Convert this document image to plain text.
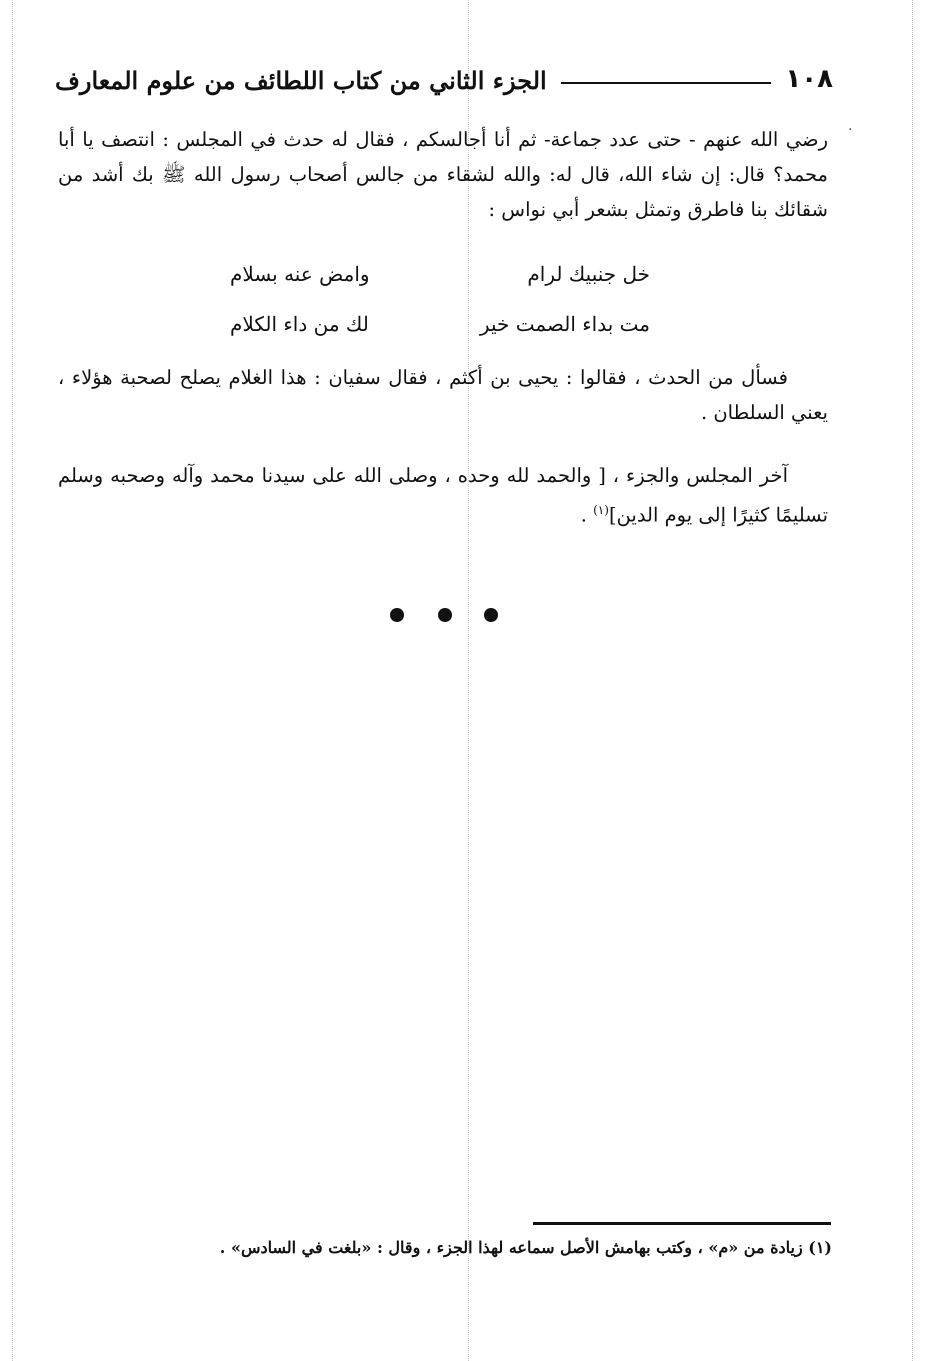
١٠٨
الجزء الثاني من كتاب اللطائف من علوم المعارف
·

رضي الله عنهم - حتى عدد جماعة- ثم أنا أجالسكم ، فقال له حدث في المجلس : انتصف يا أبا محمد؟ قال: إن شاء الله، قال له: والله لشقاء من جالس أصحاب رسول الله ﷺ بك أشد من شقائك بنا فاطرق وتمثل بشعر أبي نواس :

خل جنبيك لرام
وامض عنه بسلام
مت بداء الصمت خير
لك من داء الكلام

فسأل من الحدث ، فقالوا : يحيى بن أكثم ، فقال سفيان : هذا الغلام يصلح لصحبة هؤلاء ، يعني السلطان .

آخر المجلس والجزء ، [ والحمد لله وحده ، وصلى الله على سيدنا محمد وآله وصحبه وسلم تسليمًا كثيرًا إلى يوم الدين]$^{(١)}$ .

(١) زيادة من «م» ، وكتب بهامش الأصل سماعه لهذا الجزء ، وقال : «بلغت في السادس» .
